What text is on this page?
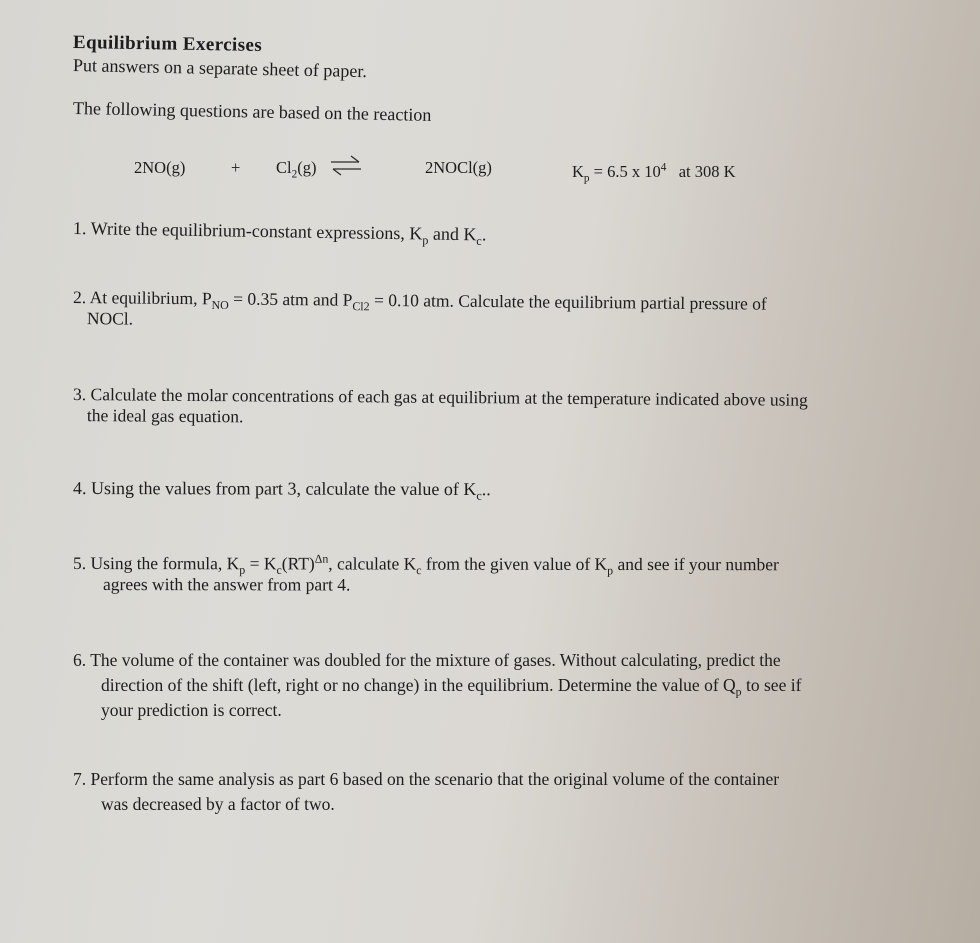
Equilibrium Exercises
Put answers on a separate sheet of paper.
The following questions are based on the reaction
2NO(g)	+ $Cl_2(g)$ ⇌	2NOCl(g)	$K_p = 6.5$ x $10^4$   at 308 K
1. Write the equilibrium-constant expressions, $K_p$ and $K_c$.
2. At equilibrium, $P_{NO} = 0.35$ atm and $P_{Cl2} = 0.10$ atm. Calculate the equilibrium partial pressure of
NOCl.
3. Calculate the molar concentrations of each gas at equilibrium at the temperature indicated above using
the ideal gas equation.
4. Using the values from part 3, calculate the value of $K_c$..
5. Using the formula, $K_p = K_c(RT)^{\Delta n}$, calculate $K_c$ from the given value of $K_p$ and see if your number
agrees with the answer from part 4.
6. The volume of the container was doubled for the mixture of gases. Without calculating, predict the
direction of the shift (left, right or no change) in the equilibrium. Determine the value of $Q_p$ to see if
your prediction is correct.
7. Perform the same analysis as part 6 based on the scenario that the original volume of the container
was decreased by a factor of two.
